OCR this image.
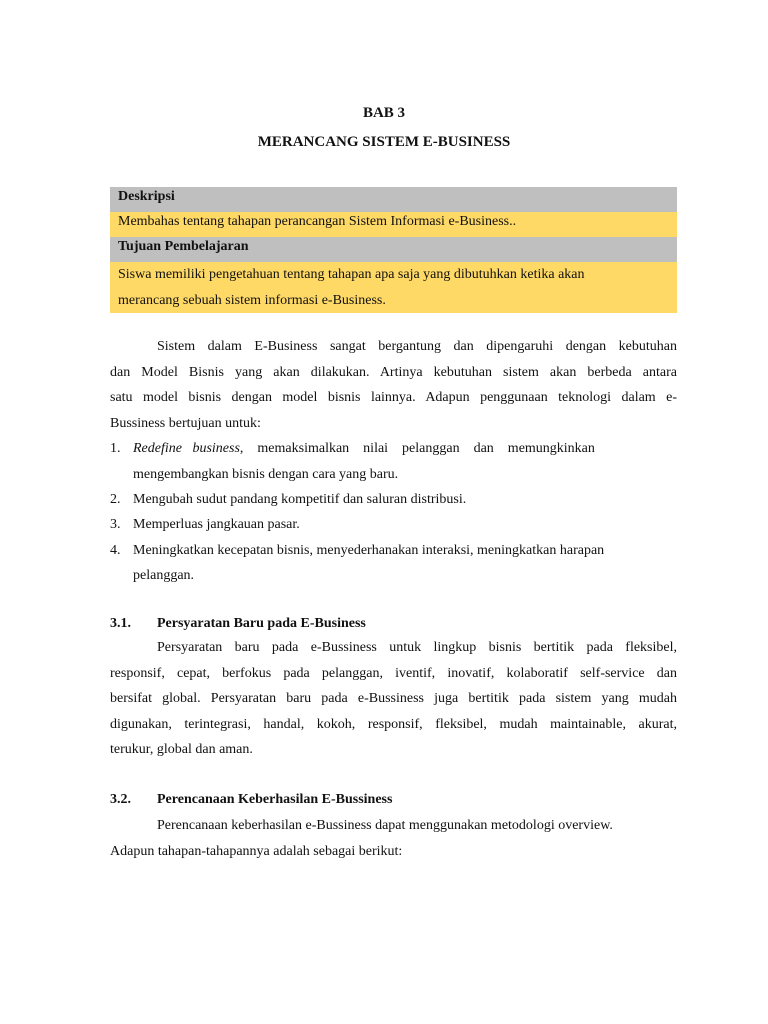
BAB 3
MERANCANG SISTEM E-BUSINESS
Deskripsi
Membahas tentang tahapan perancangan Sistem Informasi e-Business..
Tujuan Pembelajaran
Siswa memiliki pengetahuan tentang tahapan apa saja yang dibutuhkan ketika akan
merancang sebuah sistem informasi e-Business.
Sistem dalam E-Business sangat bergantung dan dipengaruhi dengan kebutuhan
dan Model Bisnis yang akan dilakukan. Artinya kebutuhan sistem akan berbeda antara
satu model bisnis dengan model bisnis lainnya. Adapun penggunaan teknologi dalam e-
Bussiness bertujuan untuk:
1. Redefine   business,    memaksimalkan    nilai    pelanggan    dan    memungkinkan
mengembangkan bisnis dengan cara yang baru.
2. Mengubah sudut pandang kompetitif dan saluran distribusi.
3. Memperluas jangkauan pasar.
4. Meningkatkan kecepatan bisnis, menyederhanakan interaksi, meningkatkan harapan
pelanggan.
3.1. Persyaratan Baru pada E-Business
Persyaratan baru pada e-Bussiness untuk lingkup bisnis bertitik pada fleksibel,
responsif, cepat, berfokus pada pelanggan, iventif, inovatif, kolaboratif self-service dan
bersifat global. Persyaratan baru pada e-Bussiness juga bertitik pada sistem yang mudah
digunakan, terintegrasi, handal, kokoh, responsif, fleksibel, mudah maintainable, akurat,
terukur, global dan aman.
3.2. Perencanaan Keberhasilan E-Bussiness
Perencanaan keberhasilan e-Bussiness dapat menggunakan metodologi overview.
Adapun tahapan-tahapannya adalah sebagai berikut:
